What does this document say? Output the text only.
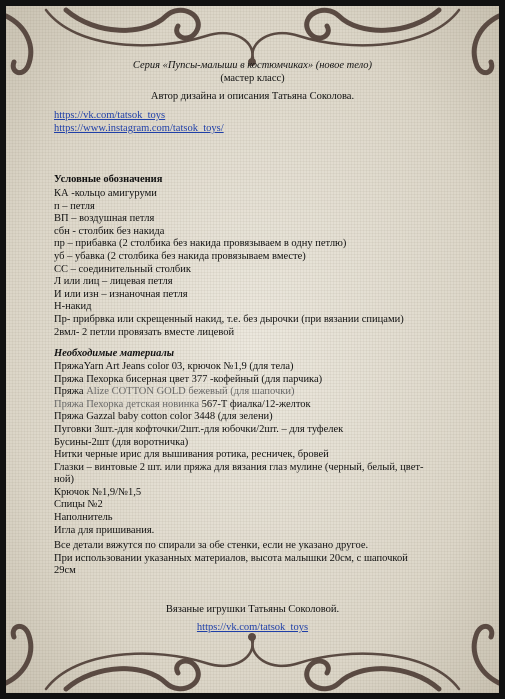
Серия «Пупсы-малыши в костюмчиках» (новое тело)
(мастер класс)
Автор дизайна и описания Татьяна Соколова.
https://vk.com/tatsok_toys
https://www.instagram.com/tatsok_toys/
Условные обозначения
КА -кольцо амигуруми
п – петля
ВП – воздушная петля
сбн - столбик без накида
пр – прибавка (2 столбика без накида провязываем в одну петлю)
уб – убавка (2 столбика без накида провязываем вместе)
СС – соединительный столбик
Л или лиц – лицевая петля
И или изн – изнаночная петля
Н-накид
Пр- прибрвка или скрещенный накид, т.е. без дырочки (при вязании спицами)
2вмл- 2 петли провязать вместе лицевой
Необходимые материалы
ПряжаYarn Art Jeans color 03, крючок №1,9 (для тела)
Пряжа Пехорка бисерная цвет 377 -кофейный (для парчика)
Пряжа Alize COTTON GOLD бежевый (для шапочки)
Пряжа Пехорка детская новинка 567-Т фиалка/12-желток
Пряжа Gazzal baby cotton color 3448 (для зелени)
Пуговки 3шт.-для кофточки/2шт.-для юбочки/2шт. – для туфелек
Бусины-2шт (для воротничка)
Нитки черные ирис для вышивания ротика, ресничек, бровей
Глазки – винтовые 2 шт. или пряжа для вязания глаз мулине (черный, белый, цвет-ной)
Крючок №1,9/№1,5
Спицы №2
Наполнитель
Игла для пришивания.
Все детали вяжутся по спирали за обе стенки, если не указано другое.
При использовании указанных материалов, высота малышки 20см, с шапочкой 29см
Вязаные игрушки Татьяны Соколовой.
https://vk.com/tatsok_toys
